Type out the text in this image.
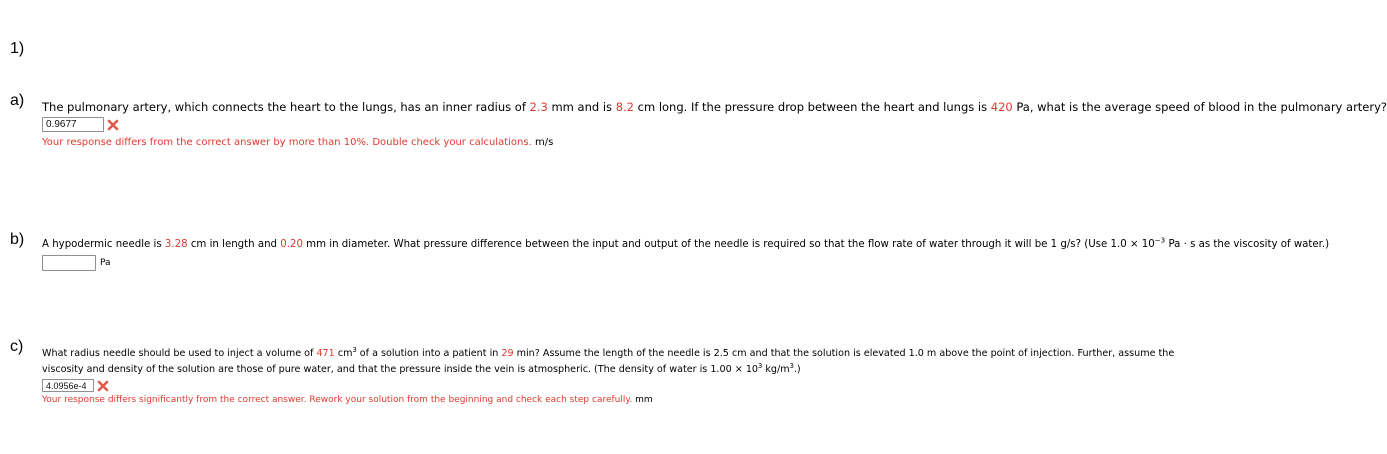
1)
a) The pulmonary artery, which connects the heart to the lungs, has an inner radius of 2.3 mm and is 8.2 cm long. If the pressure drop between the heart and lungs is 420 Pa, what is the average speed of blood in the pulmonary artery?
0.9677
Your response differs from the correct answer by more than 10%. Double check your calculations. m/s
b) A hypodermic needle is 3.28 cm in length and 0.20 mm in diameter. What pressure difference between the input and output of the needle is required so that the flow rate of water through it will be 1 g/s? (Use $1.0 \times 10^{-3}$ Pa · s as the viscosity of water.)
Pa
c) What radius needle should be used to inject a volume of 471 $cm^3$ of a solution into a patient in 29 min? Assume the length of the needle is 2.5 cm and that the solution is elevated 1.0 m above the point of injection. Further, assume the viscosity and density of the solution are those of pure water, and that the pressure inside the vein is atmospheric. (The density of water is $1.00 \times 10^3$ $kg/m^3$.)
4.0956e-4
Your response differs significantly from the correct answer. Rework your solution from the beginning and check each step carefully. mm
